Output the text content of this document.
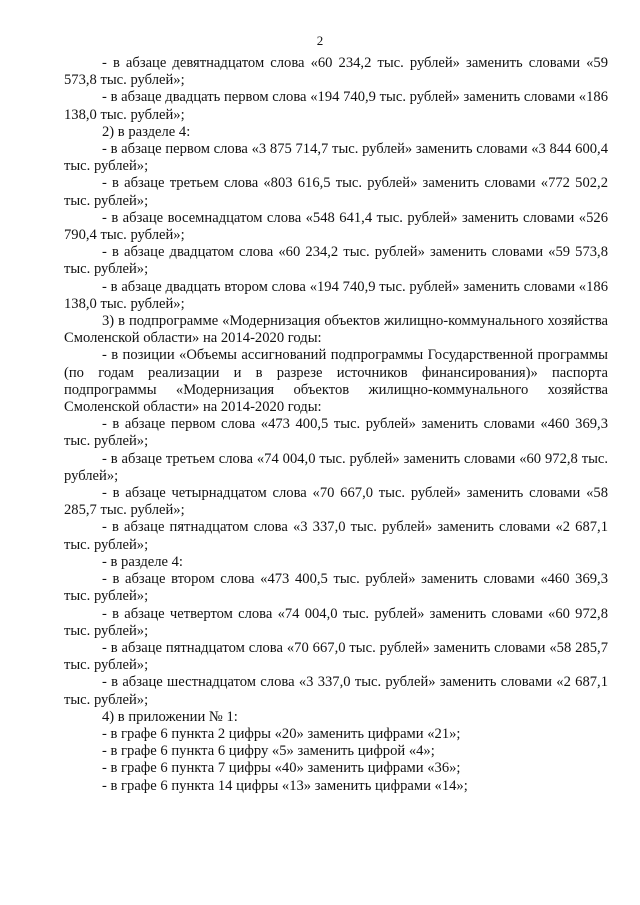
2

- в абзаце девятнадцатом слова «60 234,2 тыс. рублей» заменить словами «59 573,8 тыс. рублей»;

- в абзаце двадцать первом слова «194 740,9 тыс. рублей» заменить словами «186 138,0 тыс. рублей»;

2) в разделе 4:

- в абзаце первом слова «3 875 714,7 тыс. рублей» заменить словами «3 844 600,4 тыс. рублей»;

- в абзаце третьем слова «803 616,5 тыс. рублей» заменить словами «772 502,2 тыс. рублей»;

- в абзаце восемнадцатом слова «548 641,4 тыс. рублей» заменить словами «526 790,4 тыс. рублей»;

- в абзаце двадцатом слова «60 234,2 тыс. рублей» заменить словами «59 573,8 тыс. рублей»;

- в абзаце двадцать втором слова «194 740,9 тыс. рублей» заменить словами «186 138,0 тыс. рублей»;

3) в подпрограмме «Модернизация объектов жилищно-коммунального хозяйства Смоленской области» на 2014-2020 годы:

- в позиции «Объемы ассигнований подпрограммы Государственной программы (по годам реализации и в разрезе источников финансирования)» паспорта подпрограммы «Модернизация объектов жилищно-коммунального хозяйства Смоленской области» на 2014-2020 годы:

- в абзаце первом слова «473 400,5 тыс. рублей» заменить словами «460 369,3 тыс. рублей»;

- в абзаце третьем слова «74 004,0 тыс. рублей» заменить словами «60 972,8 тыс. рублей»;

- в абзаце четырнадцатом слова «70 667,0 тыс. рублей» заменить словами «58 285,7 тыс. рублей»;

- в абзаце пятнадцатом слова «3 337,0 тыс. рублей» заменить словами «2 687,1 тыс. рублей»;

- в разделе 4:

- в абзаце втором слова «473 400,5 тыс. рублей» заменить словами «460 369,3 тыс. рублей»;

- в абзаце четвертом слова «74 004,0 тыс. рублей» заменить словами «60 972,8 тыс. рублей»;

- в абзаце пятнадцатом слова «70 667,0 тыс. рублей» заменить словами «58 285,7 тыс. рублей»;

- в абзаце шестнадцатом слова «3 337,0 тыс. рублей» заменить словами «2 687,1 тыс. рублей»;

4) в приложении № 1:

- в графе 6 пункта 2 цифры «20» заменить цифрами «21»;

- в графе 6 пункта 6 цифру «5» заменить цифрой «4»;

- в графе 6 пункта 7 цифры «40» заменить цифрами «36»;

- в графе 6 пункта 14 цифры «13» заменить цифрами «14»;
